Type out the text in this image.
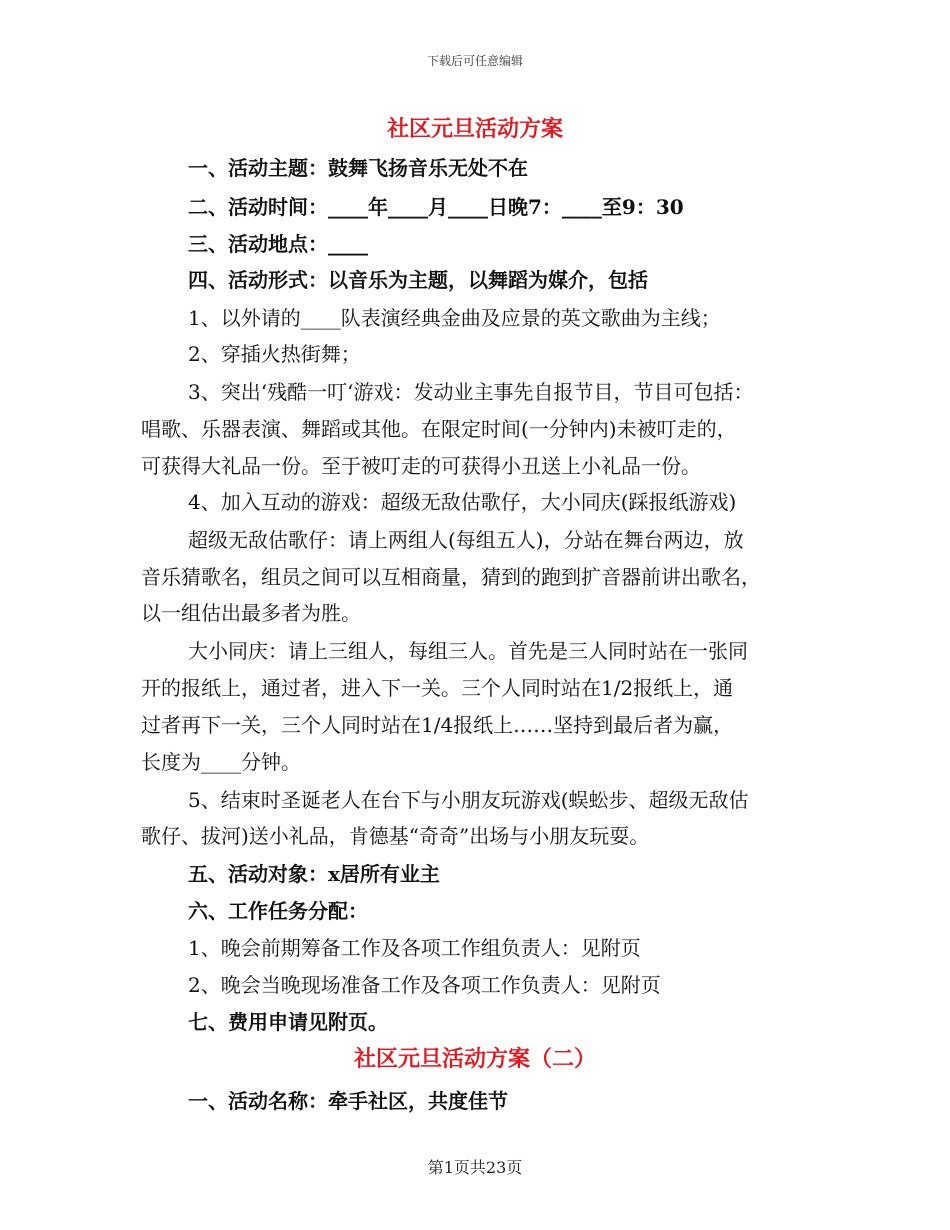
下载后可任意编辑
社区元旦活动方案
一、活动主题：鼓舞飞扬音乐无处不在
二、活动时间：____年____月____日晚7：____至9：30
三、活动地点：____
四、活动形式：以音乐为主题，以舞蹈为媒介，包括
1、以外请的____队表演经典金曲及应景的英文歌曲为主线；
2、穿插火热街舞；
3、突出‘残酷一叮‘游戏：发动业主事先自报节目，节目可包括：
唱歌、乐器表演、舞蹈或其他。在限定时间(一分钟内)未被叮走的，
可获得大礼品一份。至于被叮走的可获得小丑送上小礼品一份。
4、加入互动的游戏：超级无敌估歌仔，大小同庆(踩报纸游戏)
超级无敌估歌仔：请上两组人(每组五人)，分站在舞台两边，放
音乐猜歌名，组员之间可以互相商量，猜到的跑到扩音器前讲出歌名，
以一组估出最多者为胜。
大小同庆：请上三组人，每组三人。首先是三人同时站在一张同
开的报纸上，通过者，进入下一关。三个人同时站在1/2报纸上，通
过者再下一关，三个人同时站在1/4报纸上……坚持到最后者为赢，
长度为____分钟。
5、结束时圣诞老人在台下与小朋友玩游戏(蜈蚣步、超级无敌估
歌仔、拔河)送小礼品，肯德基“奇奇”出场与小朋友玩耍。
五、活动对象：x居所有业主
六、工作任务分配：
1、晚会前期筹备工作及各项工作组负责人：见附页
2、晚会当晚现场准备工作及各项工作负责人：见附页
七、费用申请见附页。
社区元旦活动方案（二）
一、活动名称：牵手社区，共度佳节
第1页共23页
